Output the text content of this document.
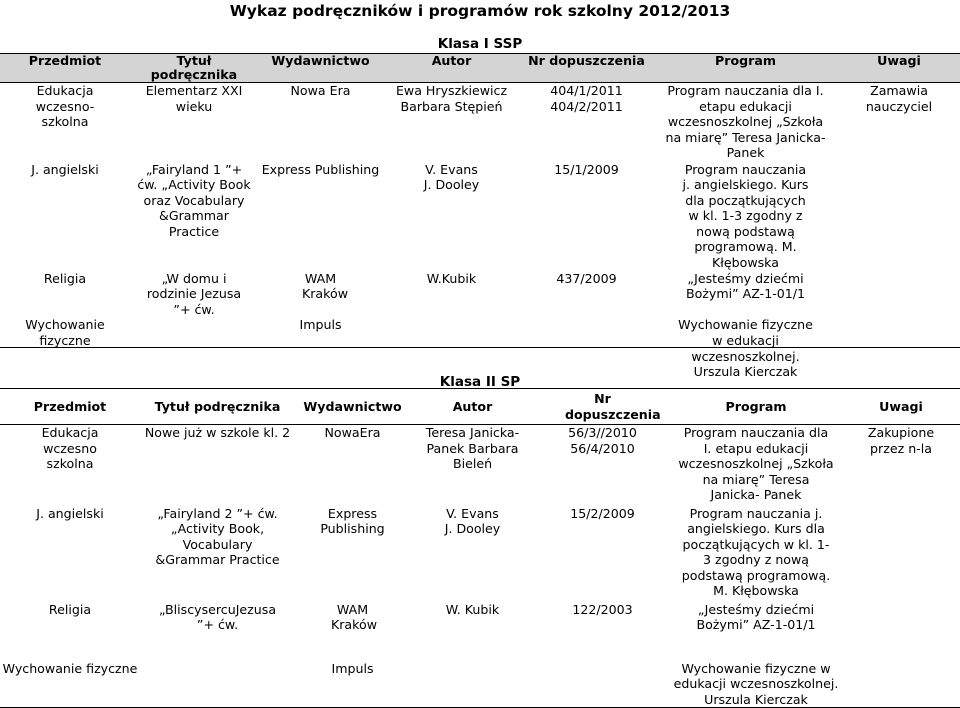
Wykaz podręczników i programów rok szkolny 2012/2013
Klasa I SSP
Przedmiot	Tytuł podręcznika	Wydawnictwo	Autor	Nr dopuszczenia	Program	Uwagi
Edukacja wczesno-szkolna	Elementarz XXI wieku	Nowa Era	Ewa Hryszkiewicz Barbara Stępień	404/1/2011 404/2/2011	Program nauczania dla I. etapu edukacji wczesnoszkolnej „Szkoła na miarę” Teresa Janicka- Panek	Zamawia nauczyciel
J. angielski	„Fairyland 1 ”+ ćw. „Activity Book oraz Vocabulary &Grammar Practice	Express Publishing	V. Evans J. Dooley	15/1/2009	Program nauczania j. angielskiego. Kurs dla początkujących w kl. 1-3 zgodny z nową podstawą programową. M. Kłębowska	
Religia	„W domu i rodzinie Jezusa ”+ ćw.	WAM Kraków	W.Kubik	437/2009	„Jesteśmy dziećmi Bożymi” AZ-1-01/1	
Wychowanie fizyczne		Impuls			Wychowanie fizyczne w edukacji wczesnoszkolnej. Urszula Kierczak	
Klasa II SP
Przedmiot	Tytuł podręcznika	Wydawnictwo	Autor	Nr dopuszczenia	Program	Uwagi
Edukacja wczesno szkolna	Nowe już w szkole kl. 2	NowaEra	Teresa Janicka-Panek Barbara Bieleń	56/3//2010 56/4/2010	Program nauczania dla I. etapu edukacji wczesnoszkolnej „Szkoła na miarę” Teresa Janicka- Panek	Zakupione przez n-la
J. angielski	„Fairyland 2 ”+ ćw. „Activity Book, Vocabulary &Grammar Practice	Express Publishing	V. Evans J. Dooley	15/2/2009	Program nauczania j. angielskiego. Kurs dla początkujących w kl. 1-3 zgodny z nową podstawą programową. M. Kłębowska	
Religia	„BliscysercuJezusa ”+ ćw.	WAM Kraków	W. Kubik	122/2003	„Jesteśmy dziećmi Bożymi” AZ-1-01/1	
Wychowanie fizyczne		Impuls			Wychowanie fizyczne w edukacji wczesnoszkolnej. Urszula Kierczak	
